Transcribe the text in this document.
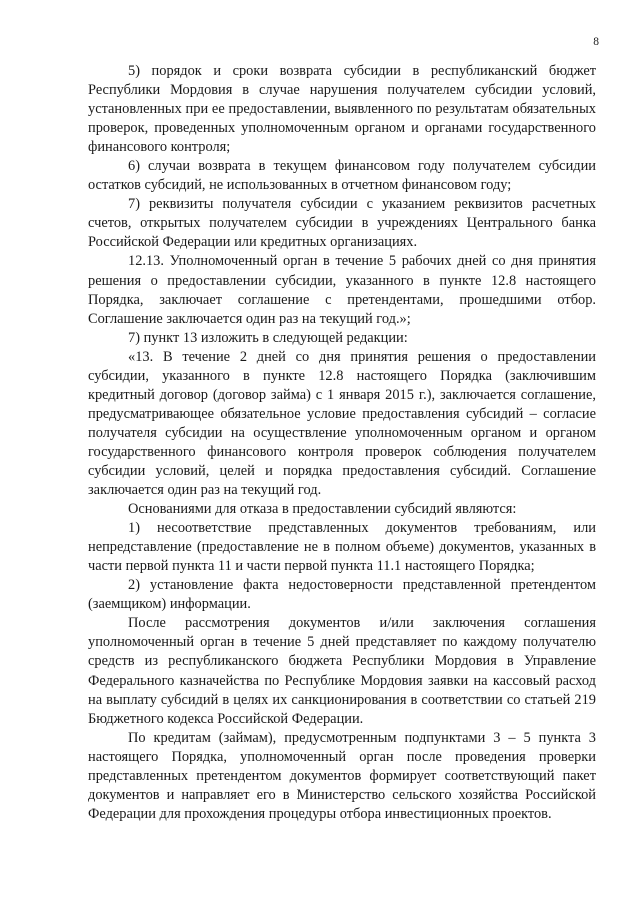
8

5) порядок и сроки возврата субсидии в республиканский бюджет Республики Мордовия в случае нарушения получателем субсидии условий, установленных при ее предоставлении, выявленного по результатам обязательных проверок, проведенных уполномоченным органом и органами государственного финансового контроля;

6) случаи возврата в текущем финансовом году получателем субсидии остатков субсидий, не использованных в отчетном финансовом году;

7) реквизиты получателя субсидии с указанием реквизитов расчетных счетов, открытых получателем субсидии в учреждениях Центрального банка Российской Федерации или кредитных организациях.

12.13. Уполномоченный орган в течение 5 рабочих дней со дня принятия решения о предоставлении субсидии, указанного в пункте 12.8 настоящего Порядка, заключает соглашение с претендентами, прошедшими отбор. Соглашение заключается один раз на текущий год.»;

7) пункт 13 изложить в следующей редакции:

«13. В течение 2 дней со дня принятия решения о предоставлении субсидии, указанного в пункте 12.8 настоящего Порядка (заключившим кредитный договор (договор займа) с 1 января 2015 г.), заключается соглашение, предусматривающее обязательное условие предоставления субсидий – согласие получателя субсидии на осуществление уполномоченным органом и органом государственного финансового контроля проверок соблюдения получателем субсидии условий, целей и порядка предоставления субсидий. Соглашение заключается один раз на текущий год.

Основаниями для отказа в предоставлении субсидий являются:

1) несоответствие представленных документов требованиям, или непредставление (предоставление не в полном объеме) документов, указанных в части первой пункта 11 и части первой пункта 11.1 настоящего Порядка;

2) установление факта недостоверности представленной претендентом (заемщиком) информации.

После рассмотрения документов и/или заключения соглашения уполномоченный орган в течение 5 дней представляет по каждому получателю средств из республиканского бюджета Республики Мордовия в Управление Федерального казначейства по Республике Мордовия заявки на кассовый расход на выплату субсидий в целях их санкционирования в соответствии со статьей 219 Бюджетного кодекса Российской Федерации.

По кредитам (займам), предусмотренным подпунктами 3 – 5 пункта 3 настоящего Порядка, уполномоченный орган после проведения проверки представленных претендентом документов формирует соответствующий пакет документов и направляет его в Министерство сельского хозяйства Российской Федерации для прохождения процедуры отбора инвестиционных проектов.
